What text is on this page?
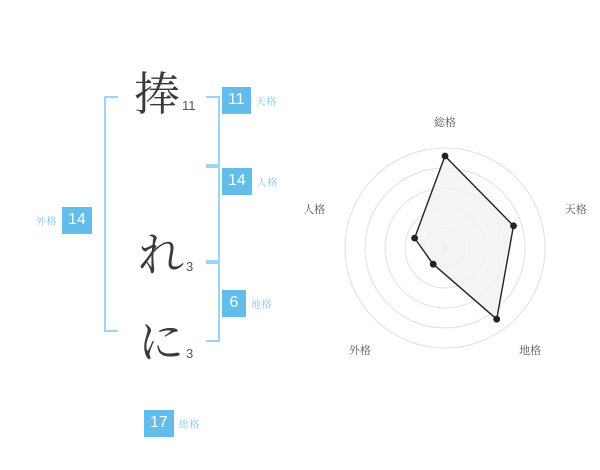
14
外格
捧 11
れ 3
に 3
11	天格
14	人格
6	地格
17	総格
総格
天格
地格
外格
人格
